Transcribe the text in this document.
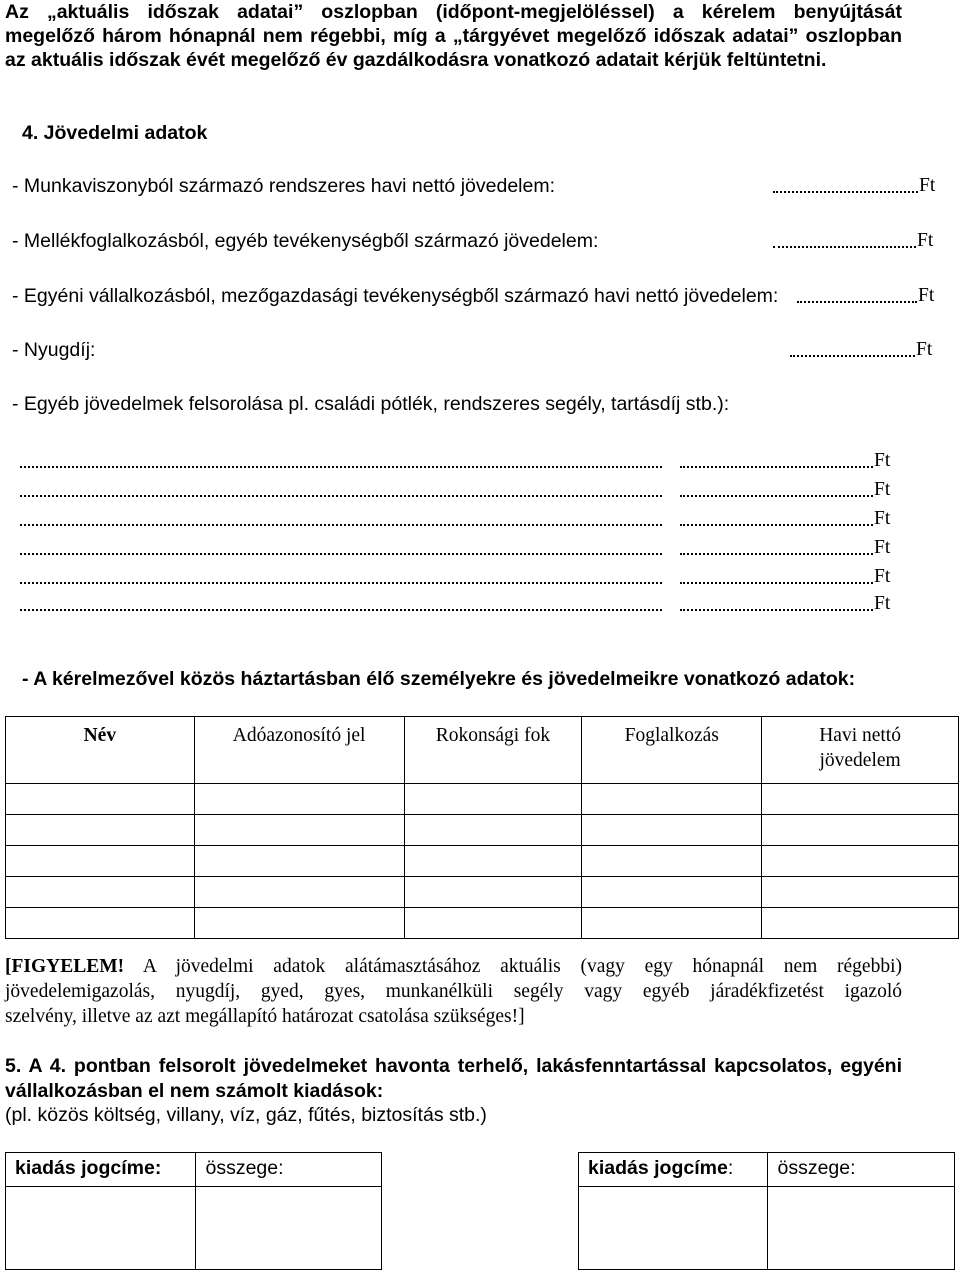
Az „aktuális időszak adatai” oszlopban (időpont-megjelöléssel) a kérelem benyújtását
megelőző három hónapnál nem régebbi, míg a „tárgyévet megelőző időszak adatai” oszlopban
az aktuális időszak évét megelőző év gazdálkodásra vonatkozó adatait kérjük feltüntetni.
4. Jövedelmi adatok
- Munkaviszonyból származó rendszeres havi nettó jövedelem:	Ft
- Mellékfoglalkozásból, egyéb tevékenységből származó jövedelem:	Ft
- Egyéni vállalkozásból, mezőgazdasági tevékenységből származó havi nettó jövedelem:	Ft
- Nyugdíj:	Ft
- Egyéb jövedelmek felsorolása pl. családi pótlék, rendszeres segély, tartásdíj stb.):
Ft
Ft
Ft
Ft
Ft
Ft
- A kérelmezővel közös háztartásban élő személyekre és jövedelmeikre vonatkozó adatok:
Név	Adóazonosító jel	Rokonsági fok	Foglalkozás	Havi nettó
jövedelem

[FIGYELEM! A jövedelmi adatok alátámasztásához aktuális (vagy egy hónapnál nem régebbi)
jövedelemigazolás, nyugdíj, gyed, gyes, munkanélküli segély vagy egyéb járadékfizetést igazoló
szelvény, illetve az azt megállapító határozat csatolása szükséges!]
5. A 4. pontban felsorolt jövedelmeket havonta terhelő, lakásfenntartással kapcsolatos, egyéni
vállalkozásban el nem számolt kiadások:
(pl. közös költség, villany, víz, gáz, fűtés, biztosítás stb.)
kiadás jogcíme:	összege:
		kiadás jogcíme:	összege:
